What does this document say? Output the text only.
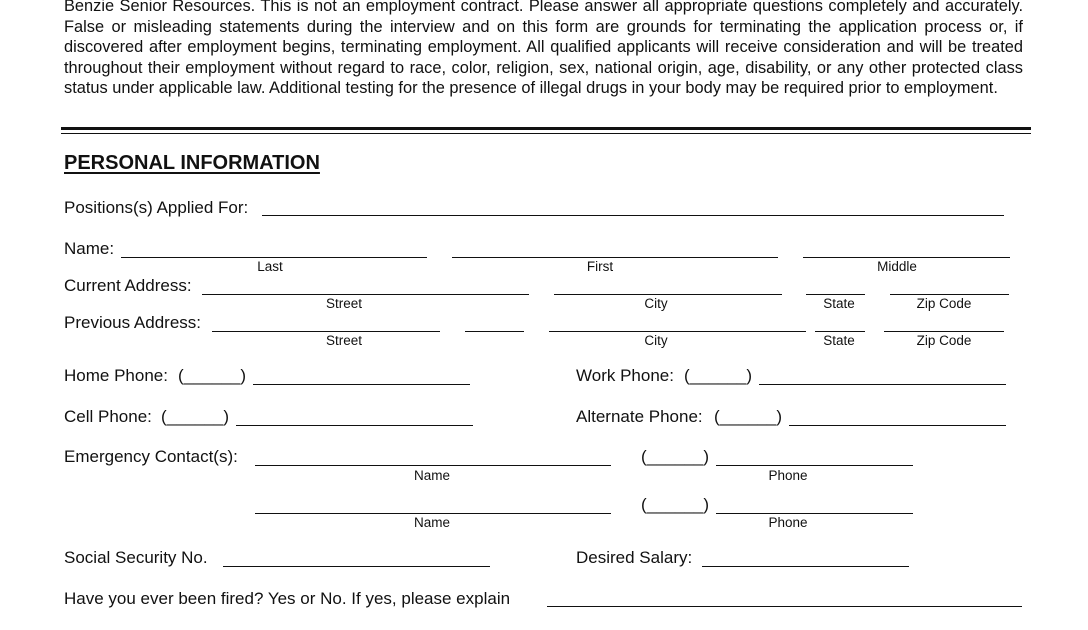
Benzie Senior Resources. This is not an employment contract. Please answer all appropriate questions completely and accurately. False or misleading statements during the interview and on this form are grounds for terminating the application process or, if discovered after employment begins, terminating employment. All qualified applicants will receive consideration and will be treated throughout their employment without regard to race, color, religion, sex, national origin, age, disability, or any other protected class status under applicable law. Additional testing for the presence of illegal drugs in your body may be required prior to employment.

PERSONAL INFORMATION
Positions(s) Applied For:
Name:
Last	First	Middle
Current Address:
Street	City	State	Zip Code
Previous Address:
Street	City	State	Zip Code
Home Phone: (______)	Work Phone: (______)
Cell Phone: (______)	Alternate Phone: (______)
Emergency Contact(s):	(______)
Name	Phone
(______)
Name	Phone
Social Security No.	Desired Salary:
Have you ever been fired? Yes or No. If yes, please explain
